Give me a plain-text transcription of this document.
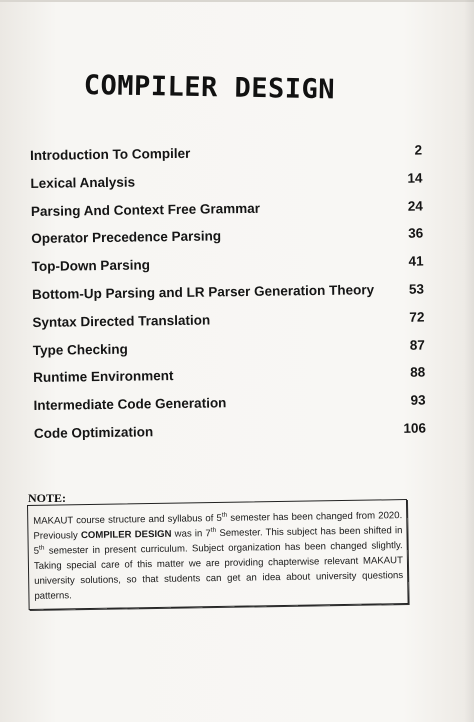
COMPILER DESIGN
Introduction To Compiler	2
Lexical Analysis	14
Parsing And Context Free Grammar	24
Operator Precedence Parsing	36
Top-Down Parsing	41
Bottom-Up Parsing and LR Parser Generation Theory	53
Syntax Directed Translation	72
Type Checking	87
Runtime Environment	88
Intermediate Code Generation	93
Code Optimization	106
NOTE:
MAKAUT course structure and syllabus of 5th semester has been changed from 2020. Previously COMPILER DESIGN was in 7th Semester. This subject has been shifted in 5th semester in present curriculum. Subject organization has been changed slightly. Taking special care of this matter we are providing chapterwise relevant MAKAUT university solutions, so that students can get an idea about university questions patterns.
